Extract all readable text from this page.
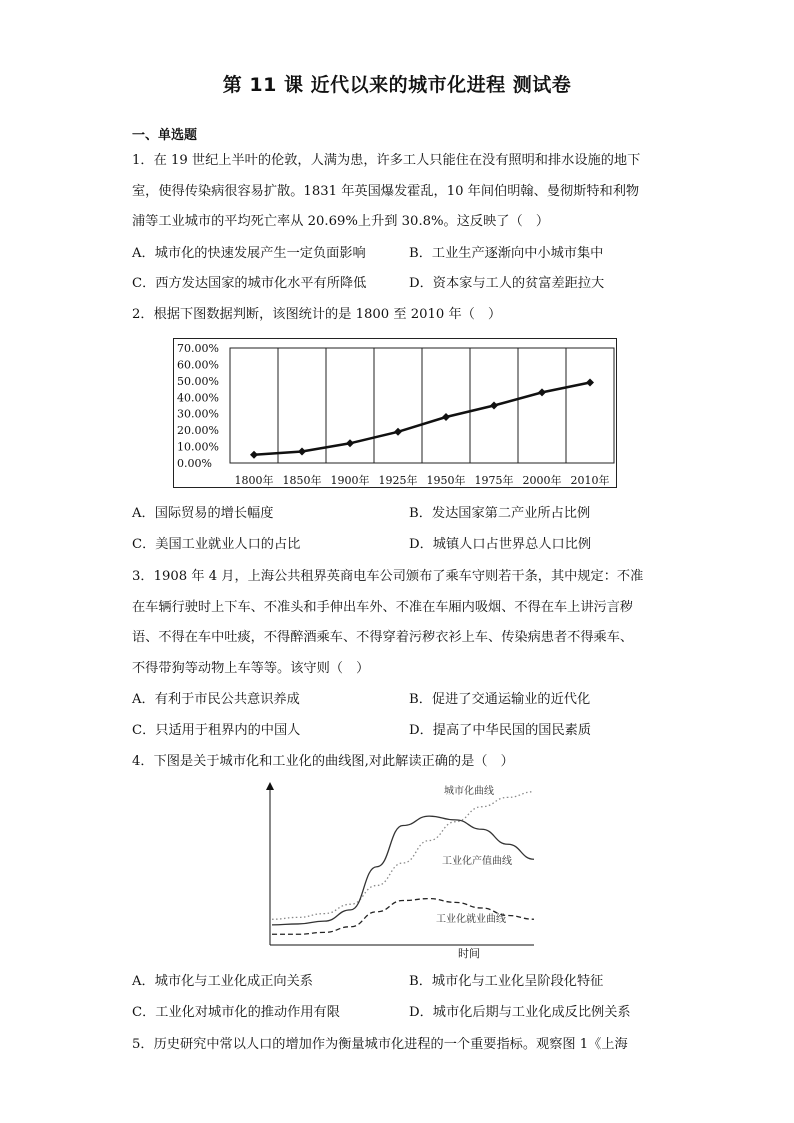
第 11 课 近代以来的城市化进程 测试卷
一、单选题
1．在 19 世纪上半叶的伦敦，人满为患，许多工人只能住在没有照明和排水设施的地下
室，使得传染病很容易扩散。1831 年英国爆发霍乱，10 年间伯明翰、曼彻斯特和利物
浦等工业城市的平均死亡率从 20.69%上升到 30.8%。这反映了（　）
A．城市化的快速发展产生一定负面影响	B．工业生产逐渐向中小城市集中
C．西方发达国家的城市化水平有所降低	D．资本家与工人的贫富差距拉大
2．根据下图数据判断，该图统计的是 1800 至 2010 年（　）
70.00%
60.00%
50.00%
40.00%
30.00%
20.00%
10.00%
0.00%
1800年 1850年 1900年 1925年 1950年 1975年 2000年 2010年
A．国际贸易的增长幅度	B．发达国家第二产业所占比例
C．美国工业就业人口的占比	D．城镇人口占世界总人口比例
3．1908 年 4 月，上海公共租界英商电车公司颁布了乘车守则若干条，其中规定：不准
在车辆行驶时上下车、不准头和手伸出车外、不准在车厢内吸烟、不得在车上讲污言秽
语、不得在车中吐痰，不得醉酒乘车、不得穿着污秽衣衫上车、传染病患者不得乘车、
不得带狗等动物上车等等。该守则（　）
A．有利于市民公共意识养成	B．促进了交通运输业的近代化
C．只适用于租界内的中国人	D．提高了中华民国的国民素质
4．下图是关于城市化和工业化的曲线图,对此解读正确的是（　）
城市化曲线
工业化产值曲线
工业化就业曲线
时间
A．城市化与工业化成正向关系	B．城市化与工业化呈阶段化特征
C．工业化对城市化的推动作用有限	D．城市化后期与工业化成反比例关系
5．历史研究中常以人口的增加作为衡量城市化进程的一个重要指标。观察图 1《上海
